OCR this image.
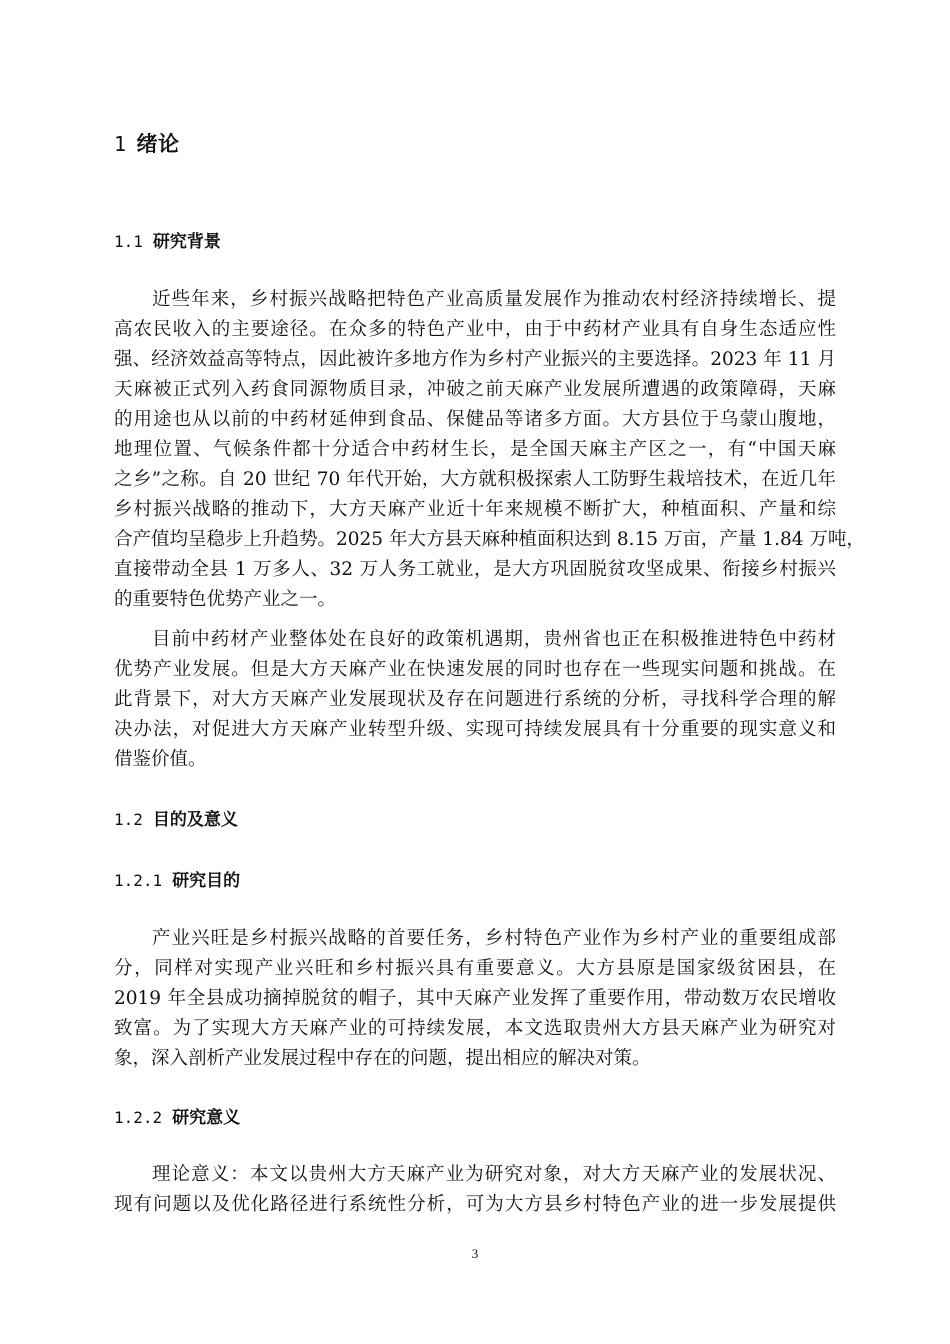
1 绪论
1.1 研究背景
近些年来，乡村振兴战略把特色产业高质量发展作为推动农村经济持续增长、提
高农民收入的主要途径。在众多的特色产业中，由于中药材产业具有自身生态适应性
强、经济效益高等特点，因此被许多地方作为乡村产业振兴的主要选择。2023 年 11 月
天麻被正式列入药食同源物质目录，冲破之前天麻产业发展所遭遇的政策障碍，天麻
的用途也从以前的中药材延伸到食品、保健品等诸多方面。大方县位于乌蒙山腹地，
地理位置、气候条件都十分适合中药材生长，是全国天麻主产区之一，有“中国天麻
之乡”之称。自 20 世纪 70 年代开始，大方就积极探索人工防野生栽培技术，在近几年
乡村振兴战略的推动下，大方天麻产业近十年来规模不断扩大，种植面积、产量和综
合产值均呈稳步上升趋势。2025 年大方县天麻种植面积达到 8.15 万亩，产量 1.84 万吨，
直接带动全县 1 万多人、32 万人务工就业，是大方巩固脱贫攻坚成果、衔接乡村振兴
的重要特色优势产业之一。
目前中药材产业整体处在良好的政策机遇期，贵州省也正在积极推进特色中药材
优势产业发展。但是大方天麻产业在快速发展的同时也存在一些现实问题和挑战。在
此背景下，对大方天麻产业发展现状及存在问题进行系统的分析，寻找科学合理的解
决办法，对促进大方天麻产业转型升级、实现可持续发展具有十分重要的现实意义和
借鉴价值。
1.2 目的及意义
1.2.1 研究目的
产业兴旺是乡村振兴战略的首要任务，乡村特色产业作为乡村产业的重要组成部
分，同样对实现产业兴旺和乡村振兴具有重要意义。大方县原是国家级贫困县，在
2019 年全县成功摘掉脱贫的帽子，其中天麻产业发挥了重要作用，带动数万农民增收
致富。为了实现大方天麻产业的可持续发展，本文选取贵州大方县天麻产业为研究对
象，深入剖析产业发展过程中存在的问题，提出相应的解决对策。
1.2.2 研究意义
理论意义：本文以贵州大方天麻产业为研究对象，对大方天麻产业的发展状况、
现有问题以及优化路径进行系统性分析，可为大方县乡村特色产业的进一步发展提供
3
